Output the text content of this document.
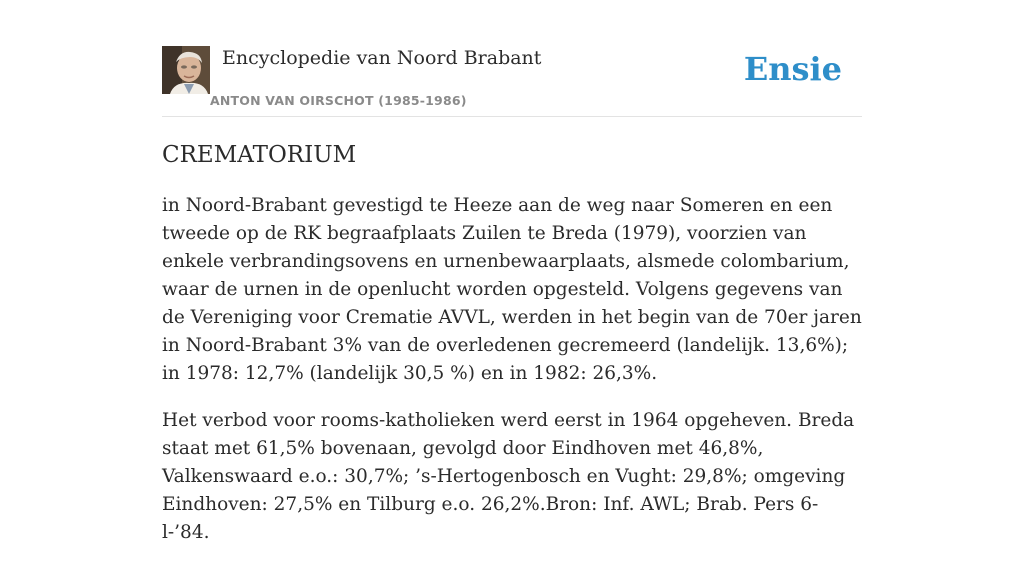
Encyclopedie van Noord Brabant
ANTON VAN OIRSCHOT (1985-1986)
Ensie
CREMATORIUM

in Noord-Brabant gevestigd te Heeze aan de weg naar Someren en een tweede op de RK begraafplaats Zuilen te Breda (1979), voorzien van enkele verbrandingsovens en urnenbewaarplaats, alsmede colombarium, waar de urnen in de openlucht worden opgesteld. Volgens gegevens van de Vereniging voor Crematie AVVL, werden in het begin van de 70er jaren in Noord-Brabant 3% van de overledenen gecremeerd (landelijk. 13,6%); in 1978: 12,7% (landelijk 30,5 %) en in 1982: 26,3%.

Het verbod voor rooms-katholieken werd eerst in 1964 opgeheven. Breda staat met 61,5% bovenaan, gevolgd door Eindhoven met 46,8%, Valkenswaard e.o.: 30,7%; ’s-Hertogenbosch en Vught: 29,8%; omgeving Eindhoven: 27,5% en Tilburg e.o. 26,2%.Bron: Inf. AWL; Brab. Pers 6-l-’84.
